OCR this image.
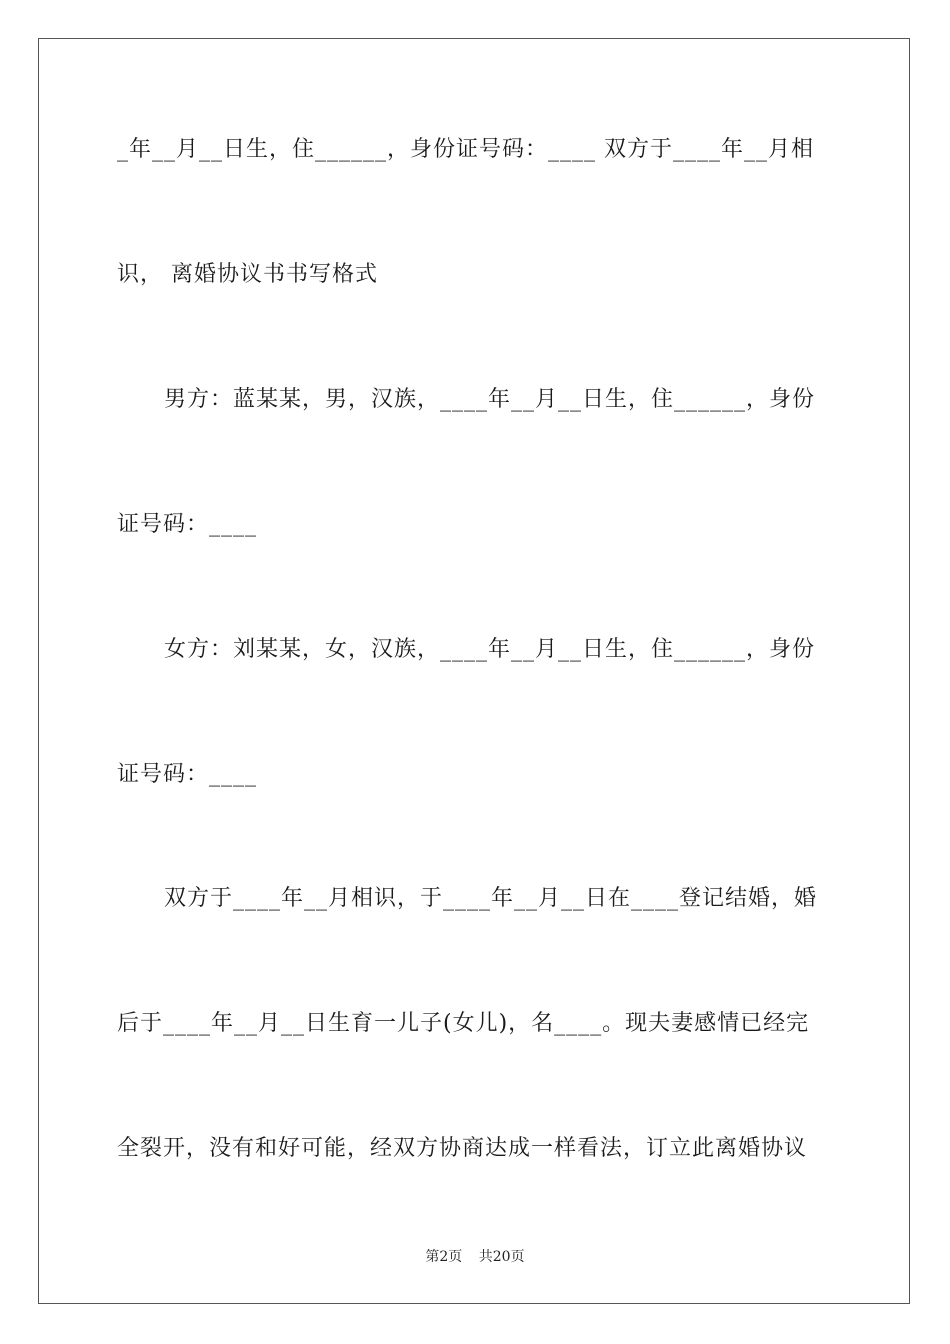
_年__月__日生，住______，身份证号码：____ 双方于____年__月相
识， 离婚协议书书写格式
男方：蓝某某，男，汉族，____年__月__日生，住______，身份
证号码：____
女方：刘某某，女，汉族，____年__月__日生，住______，身份
证号码：____
双方于____年__月相识，于____年__月__日在____登记结婚，婚
后于____年__月__日生育一儿子(女儿)，名____。现夫妻感情已经完
全裂开，没有和好可能，经双方协商达成一样看法，订立此离婚协议
第2页 共20页
